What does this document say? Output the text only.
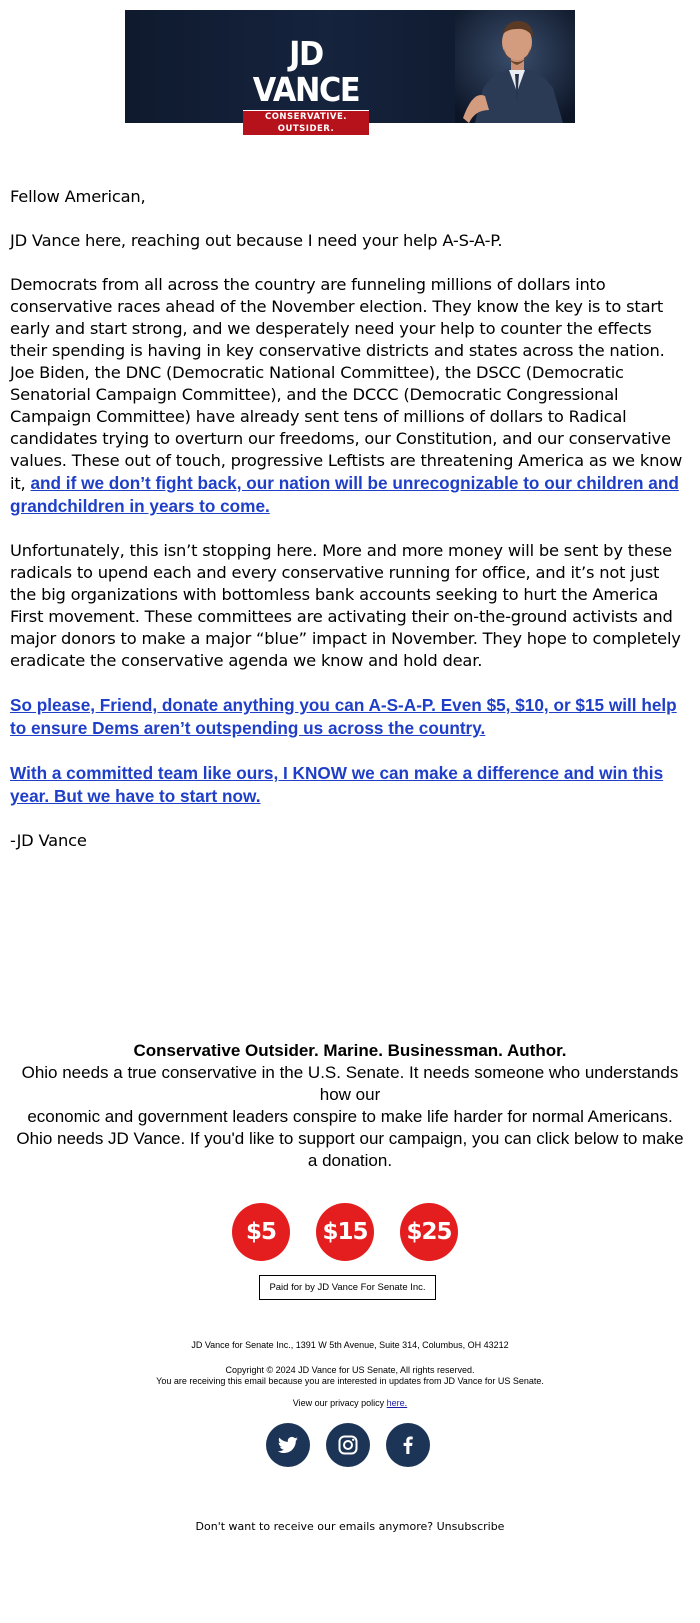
JD VANCE
CONSERVATIVE. OUTSIDER.
U.S. SENATE

Fellow American,

JD Vance here, reaching out because I need your help A-S-A-P.

Democrats from all across the country are funneling millions of dollars into conservative races ahead of the November election. They know the key is to start early and start strong, and we desperately need your help to counter the effects their spending is having in key conservative districts and states across the nation. Joe Biden, the DNC (Democratic National Committee), the DSCC (Democratic Senatorial Campaign Committee), and the DCCC (Democratic Congressional Campaign Committee) have already sent tens of millions of dollars to Radical candidates trying to overturn our freedoms, our Constitution, and our conservative values. These out of touch, progressive Leftists are threatening America as we know it, and if we don’t fight back, our nation will be unrecognizable to our children and grandchildren in years to come.

Unfortunately, this isn’t stopping here. More and more money will be sent by these radicals to upend each and every conservative running for office, and it’s not just the big organizations with bottomless bank accounts seeking to hurt the America First movement. These committees are activating their on-the-ground activists and major donors to make a major “blue” impact in November. They hope to completely eradicate the conservative agenda we know and hold dear.

So please, Friend, donate anything you can A-S-A-P. Even $5, $10, or $15 will help to ensure Dems aren’t outspending us across the country.

With a committed team like ours, I KNOW we can make a difference and win this year. But we have to start now.

-JD Vance

Conservative Outsider. Marine. Businessman. Author.
Ohio needs a true conservative in the U.S. Senate. It needs someone who understands how our
economic and government leaders conspire to make life harder for normal Americans.
Ohio needs JD Vance. If you'd like to support our campaign, you can click below to make a donation.
$5	$15 $25
Paid for by JD Vance For Senate Inc.
JD Vance for Senate Inc., 1391 W 5th Avenue, Suite 314, Columbus, OH 43212
Copyright © 2024 JD Vance for US Senate, All rights reserved.
You are receiving this email because you are interested in updates from JD Vance for US Senate.
View our privacy policy here.
Don't want to receive our emails anymore? Unsubscribe
